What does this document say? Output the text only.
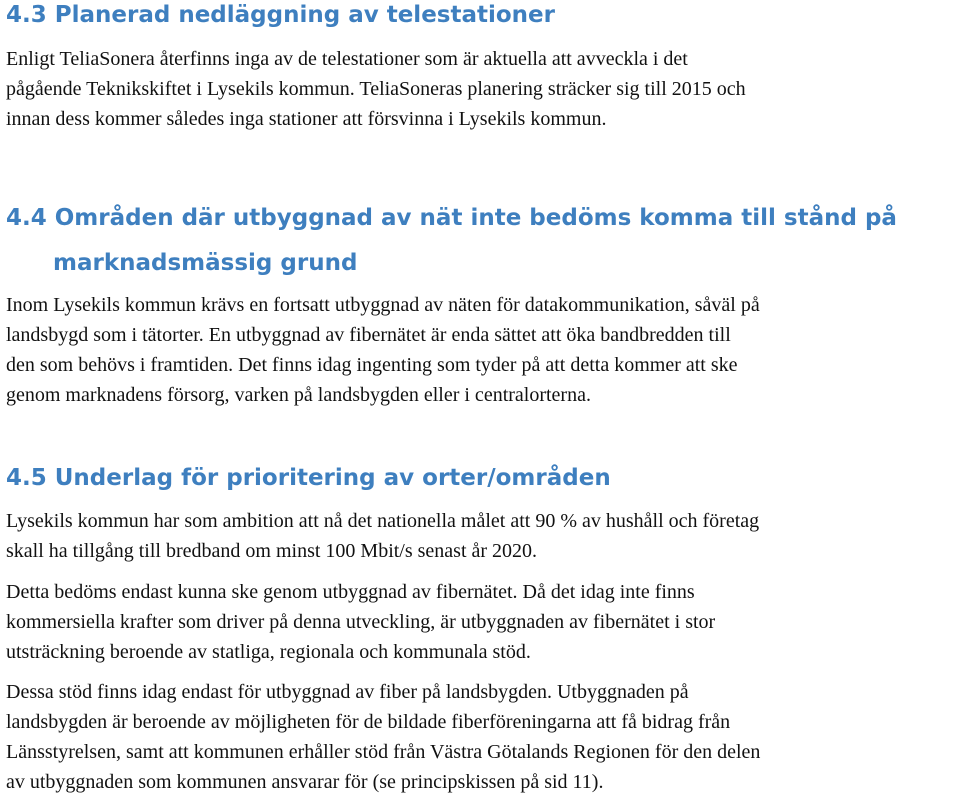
4.3 Planerad nedläggning av telestationer

Enligt TeliaSonera återfinns inga av de telestationer som är aktuella att avveckla i det
pågående Teknikskiftet i Lysekils kommun. TeliaSoneras planering sträcker sig till 2015 och
innan dess kommer således inga stationer att försvinna i Lysekils kommun.

4.4 Områden där utbyggnad av nät inte bedöms komma till stånd på
marknadsmässig grund

Inom Lysekils kommun krävs en fortsatt utbyggnad av näten för datakommunikation, såväl på
landsbygd som i tätorter. En utbyggnad av fibernätet är enda sättet att öka bandbredden till
den som behövs i framtiden. Det finns idag ingenting som tyder på att detta kommer att ske
genom marknadens försorg, varken på landsbygden eller i centralorterna.

4.5 Underlag för prioritering av orter/områden

Lysekils kommun har som ambition att nå det nationella målet att 90 % av hushåll och företag
skall ha tillgång till bredband om minst 100 Mbit/s senast år 2020.

Detta bedöms endast kunna ske genom utbyggnad av fibernätet. Då det idag inte finns
kommersiella krafter som driver på denna utveckling, är utbyggnaden av fibernätet i stor
utsträckning beroende av statliga, regionala och kommunala stöd.

Dessa stöd finns idag endast för utbyggnad av fiber på landsbygden. Utbyggnaden på
landsbygden är beroende av möjligheten för de bildade fiberföreningarna att få bidrag från
Länsstyrelsen, samt att kommunen erhåller stöd från Västra Götalands Regionen för den delen
av utbyggnaden som kommunen ansvarar för (se principskissen på sid 11).
